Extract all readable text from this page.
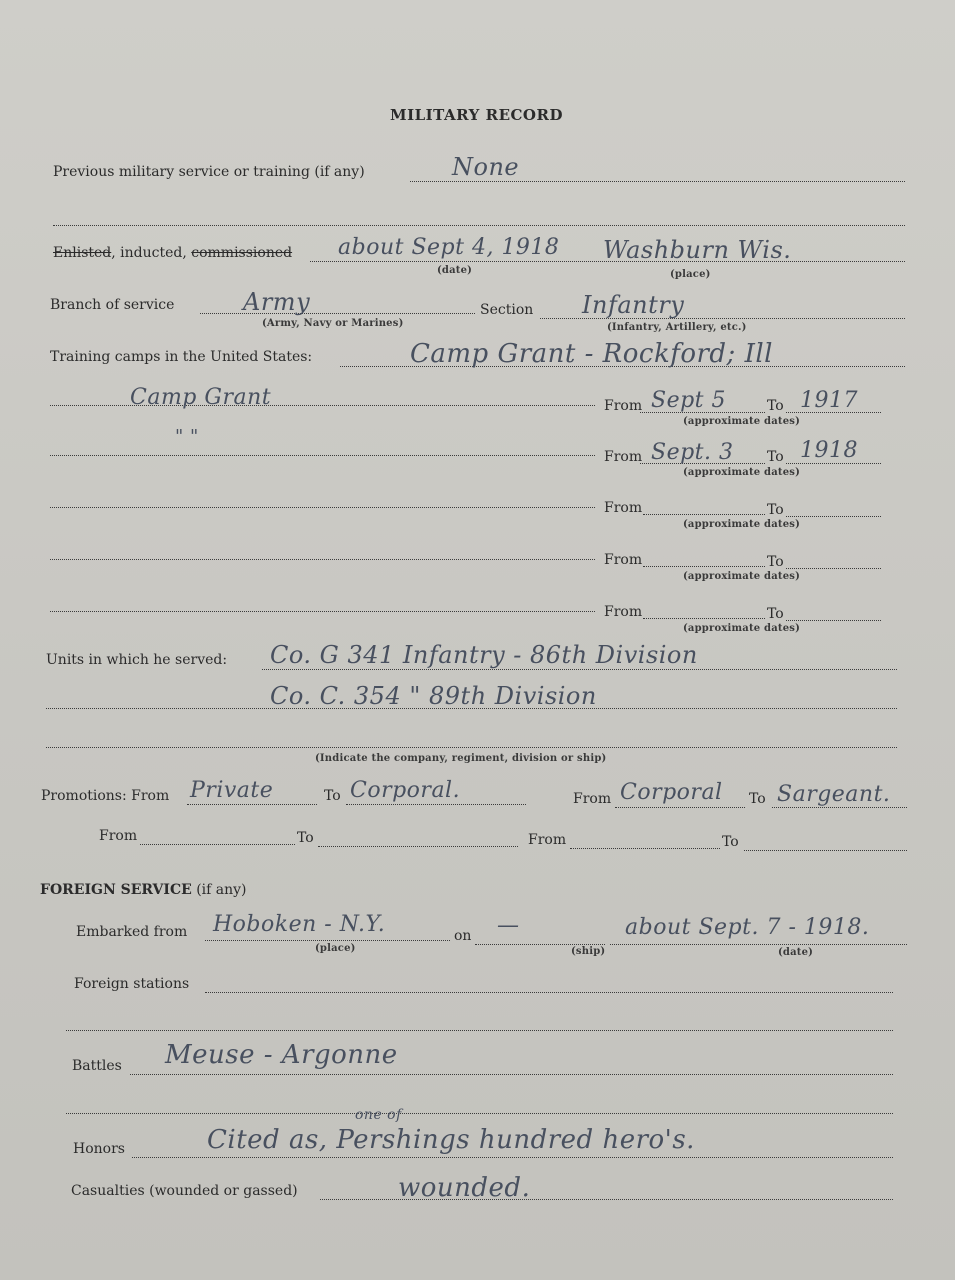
MILITARY RECORD
Previous military service or training (if any)	None
Enlisted, inducted, commissioned about Sept 4, 1918 Washburn Wis.
(date)	(place)
Branch of service	Army
(Army, Navy or Marines)
Section Infantry
(Infantry, Artillery, etc.)
Training camps in the United States:	Camp Grant - Rockford; Ill
Camp Grant	From Sept 5	To 1917
(approximate dates)
" "
From Sept. 3 To 1918
(approximate dates)
From	To
(approximate dates)
From	To
(approximate dates)
From	To
(approximate dates)
Units in which he served: Co. G 341 Infantry - 86th Division
Co. C. 354 " 89th Division
(Indicate the company, regiment, division or ship)
Promotions: From Private	To Corporal.	From Corporal To Sargeant.
From	To	From	To
FOREIGN SERVICE (if any)
Embarked from Hoboken - N.Y.
(place)
on —
(ship)
about Sept. 7 - 1918.
(date)
Foreign stations
Battles Meuse - Argonne
Honors	Cited as, Pershings hundred hero's.
one of
Casualties (wounded or gassed)	wounded.
